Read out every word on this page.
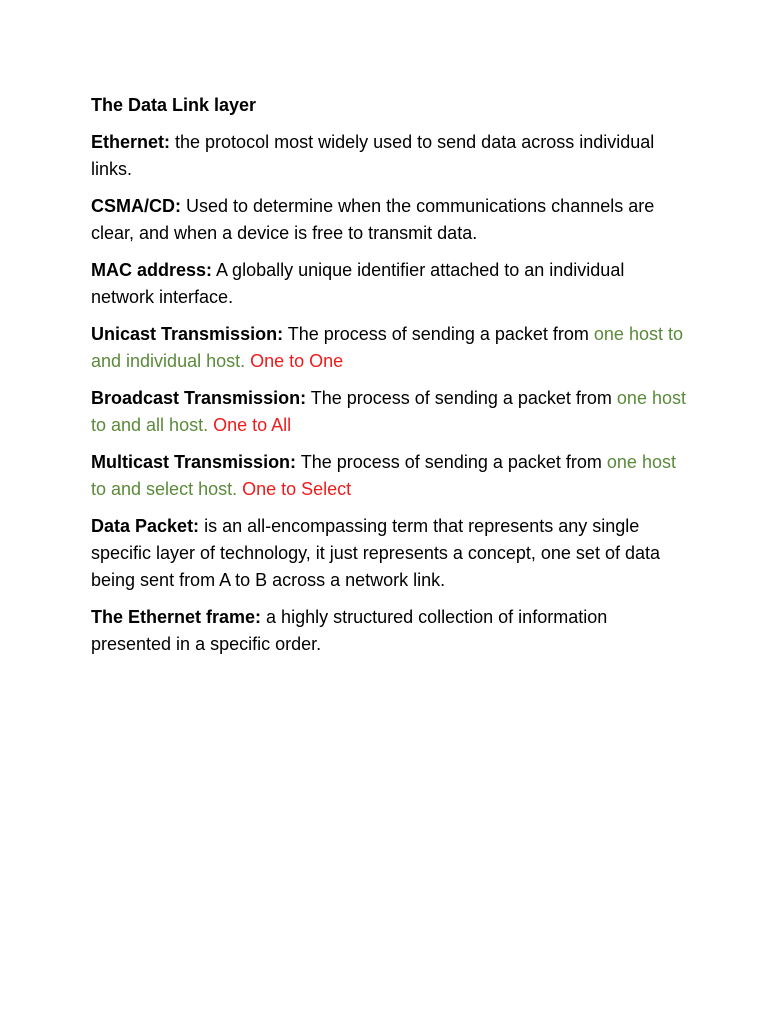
The Data Link layer

Ethernet: the protocol most widely used to send data across individual links.

CSMA/CD: Used to determine when the communications channels are clear, and when a device is free to transmit data.

MAC address: A globally unique identifier attached to an individual network interface.

Unicast Transmission: The process of sending a packet from one host to and individual host. One to One

Broadcast Transmission: The process of sending a packet from one host to and all host. One to All

Multicast Transmission: The process of sending a packet from one host to and select host. One to Select

Data Packet: is an all-encompassing term that represents any single specific layer of technology, it just represents a concept, one set of data being sent from A to B across a network link.

The Ethernet frame: a highly structured collection of information presented in a specific order.
